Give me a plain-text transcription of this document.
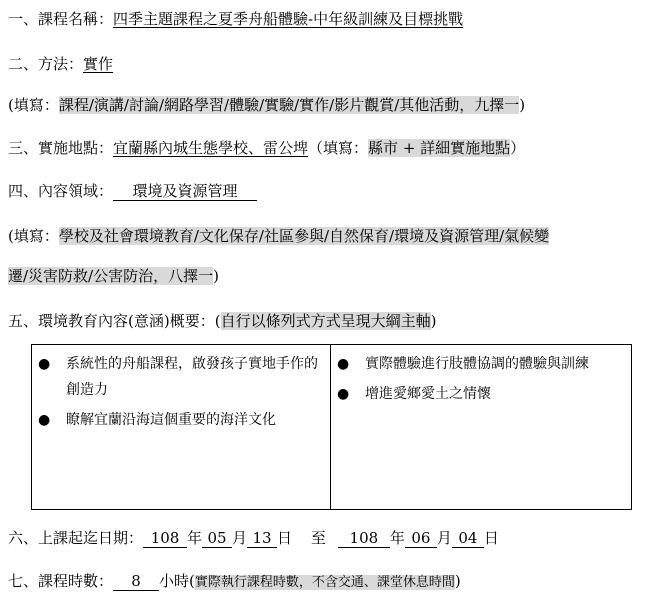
一、課程名稱：四季主題課程之夏季舟船體驗-中年級訓練及目標挑戰
二、方法：實作
(填寫：課程/演講/討論/網路學習/體驗/實驗/實作/影片觀賞/其他活動，九擇一)
三、實施地點：宜蘭縣內城生態學校、雷公埤（填寫：縣市 + 詳細實施地點）
四、內容領域： 環境及資源管理
(填寫：學校及社會環境教育/文化保存/社區參與/自然保育/環境及資源管理/氣候變
遷/災害防救/公害防治，八擇一)
五、環境教育內容(意涵)概要：(自行以條列式方式呈現大綱主軸)
●	系統性的舟船課程，啟發孩子實地手作的創造力
●	瞭解宜蘭沿海這個重要的海洋文化
●	實際體驗進行肢體協調的體驗與訓練
●	增進愛鄉愛土之情懷
六、上課起迄日期： 108 年 05 月 13 日 至 108 年 06 月 04 日
七、課程時數： 8 小時(實際執行課程時數，不含交通、課堂休息時間)
